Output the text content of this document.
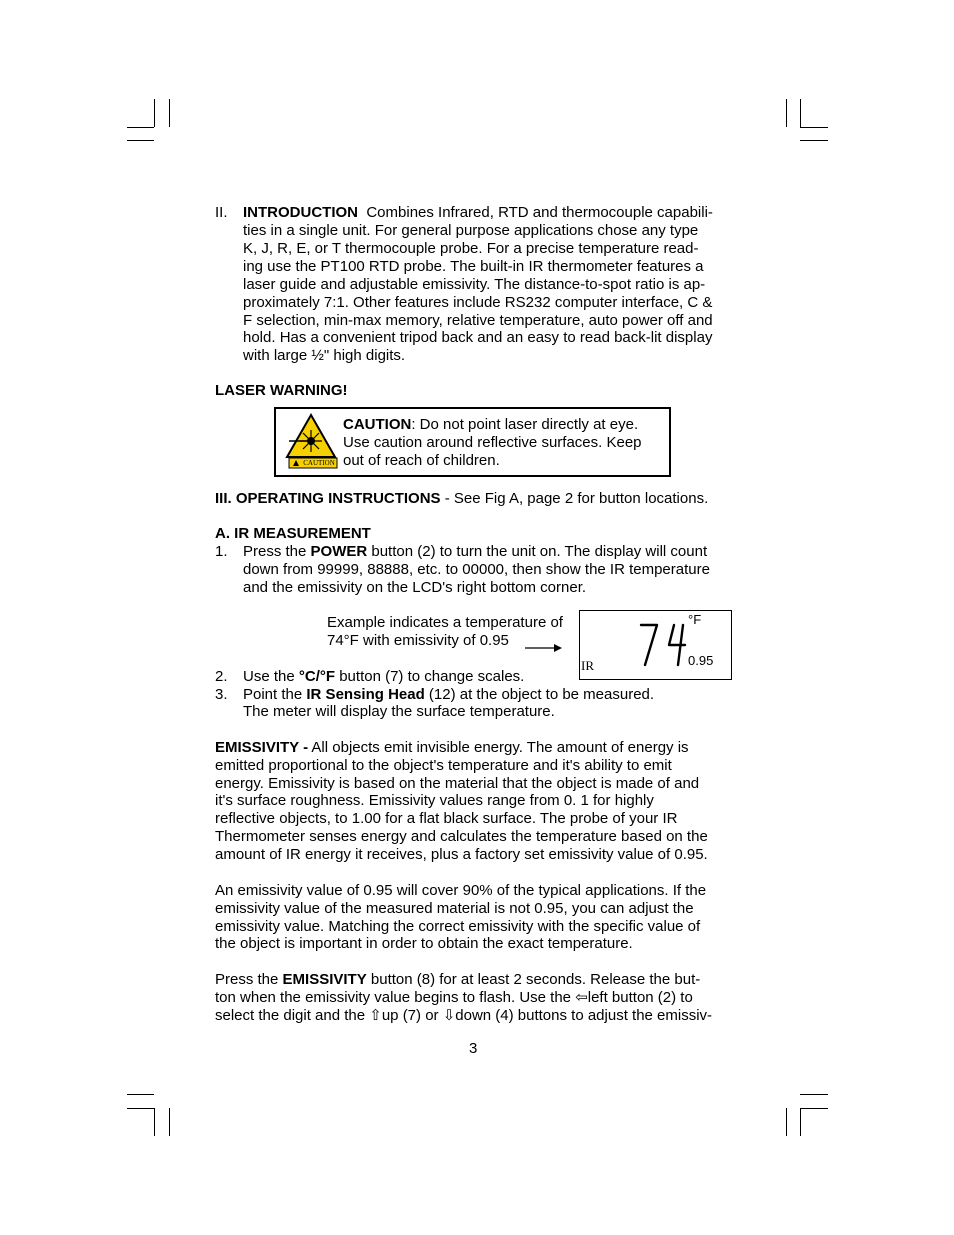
II. INTRODUCTION Combines Infrared, RTD and thermocouple capabili-
ties in a single unit. For general purpose applications chose any type
K, J, R, E, or T thermocouple probe. For a precise temperature read-
ing use the PT100 RTD probe. The built-in IR thermometer features a
laser guide and adjustable emissivity. The distance-to-spot ratio is ap-
proximately 7:1. Other features include RS232 computer interface, C &
F selection, min-max memory, relative temperature, auto power off and
hold. Has a convenient tripod back and an easy to read back-lit display
with large ½" high digits.
LASER WARNING!
CAUTION
CAUTION: Do not point laser directly at eye.
Use caution around reflective surfaces. Keep
out of reach of children.
III. OPERATING INSTRUCTIONS - See Fig A, page 2 for button locations.
A. IR MEASUREMENT
1. Press the POWER button (2) to turn the unit on. The display will count
down from 99999, 88888, etc. to 00000, then show the IR temperature
and the emissivity on the LCD's right bottom corner.
Example indicates a temperature of
74°F with emissivity of 0.95
°F
0.95
IR
2. Use the °C/°F button (7) to change scales.
3. Point the IR Sensing Head (12) at the object to be measured.
The meter will display the surface temperature.
EMISSIVITY - All objects emit invisible energy. The amount of energy is
emitted proportional to the object's temperature and it's ability to emit
energy. Emissivity is based on the material that the object is made of and
it's surface roughness. Emissivity values range from 0. 1 for highly
reflective objects, to 1.00 for a flat black surface. The probe of your IR
Thermometer senses energy and calculates the temperature based on the
amount of IR energy it receives, plus a factory set emissivity value of 0.95.
An emissivity value of 0.95 will cover 90% of the typical applications. If the
emissivity value of the measured material is not 0.95, you can adjust the
emissivity value. Matching the correct emissivity with the specific value of
the object is important in order to obtain the exact temperature.
Press the EMISSIVITY button (8) for at least 2 seconds. Release the but-
ton when the emissivity value begins to flash. Use the ⇦left button (2) to
select the digit and the ⇧up (7) or ⇩down (4) buttons to adjust the emissiv-
3
